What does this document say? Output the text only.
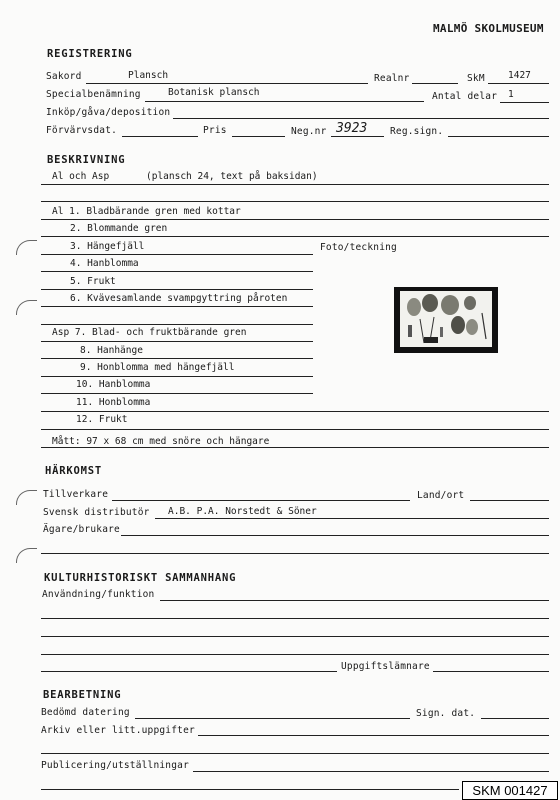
MALMÖ SKOLMUSEUM
REGISTRERING
Sakord	Plansch	Realnr	SkM 1427
Specialbenämning	Botanisk plansch	Antal delar 1
Inköp/gåva/deposition
Förvärvsdat.	Pris	Neg.nr 3923 Reg.sign.
BESKRIVNING
Al och Asp	(plansch 24, text på baksidan)
Al 1. Bladbärande gren med kottar
2. Blommande gren
3. Hängefjäll	Foto/teckning
4. Hanblomma
5. Frukt
6. Kvävesamlande svampgyttring påroten
Asp 7. Blad- och fruktbärande gren
8. Hanhänge
9. Honblomma med hängefjäll
10. Hanblomma
11. Honblomma
12. Frukt
Mått: 97 x 68 cm med snöre och hängare
HÄRKOMST
Tillverkare	Land/ort
Svensk distributör A.B. P.A. Norstedt & Söner
Ägare/brukare
KULTURHISTORISKT SAMMANHANG
Användning/funktion
Uppgiftslämnare
BEARBETNING
Bedömd datering	Sign. dat.
Arkiv eller litt.uppgifter
Publicering/utställningar
SKM 001427
